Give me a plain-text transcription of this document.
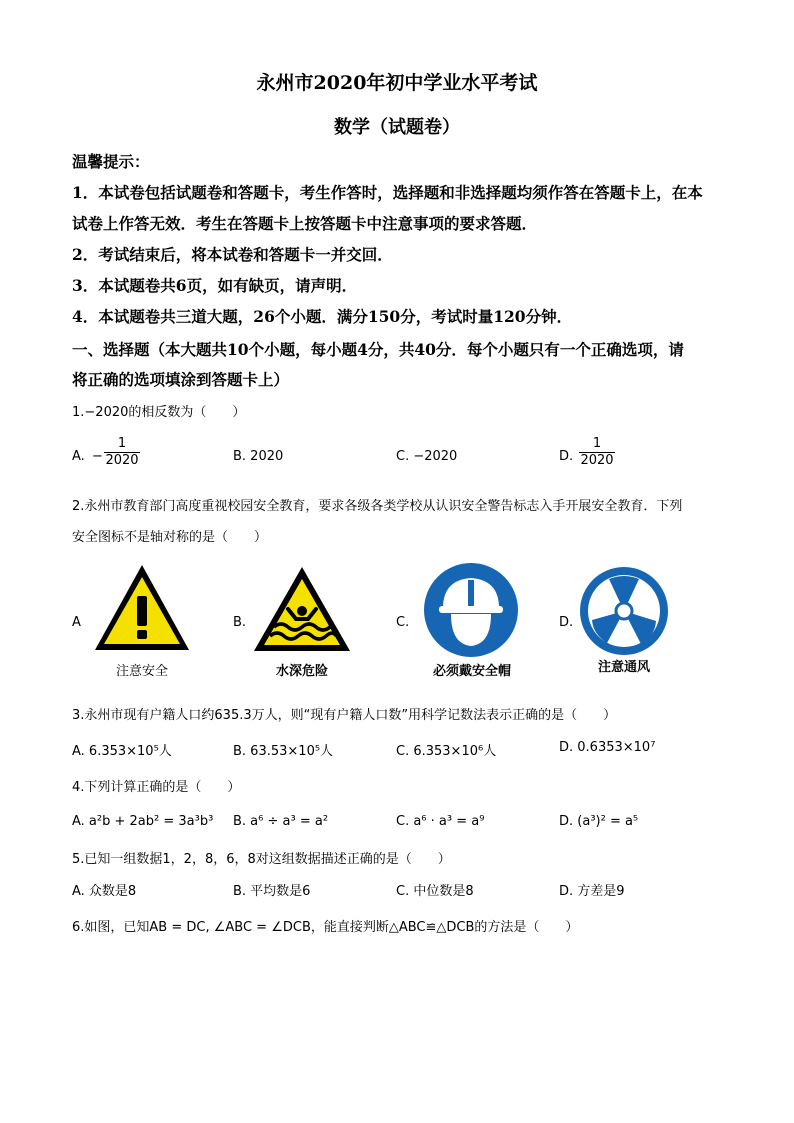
永州市2020年初中学业水平考试
数学（试题卷）
温馨提示：
1．本试卷包括试题卷和答题卡，考生作答时，选择题和非选择题均须作答在答题卡上，在本
试卷上作答无效．考生在答题卡上按答题卡中注意事项的要求答题．
2．考试结束后，将本试卷和答题卡一并交回．
3．本试题卷共6页，如有缺页，请声明．
4．本试题卷共三道大题，26个小题．满分150分，考试时量120分钟．
一、选择题（本大题共10个小题，每小题4分，共40分．每个小题只有一个正确选项，请
将正确的选项填涂到答题卡上）
1.−2020的相反数为（　　）
A. −
1
2020	B. 2020	C. −2020	D.
1
2020
2.永州市教育部门高度重视校园安全教育，要求各级各类学校从认识安全警告标志入手开展安全教育．下列
安全图标不是轴对称的是（　　）
A
注意安全
B.
水深危险
C.
必须戴安全帽
D.
注意通风
3.永州市现有户籍人口约635.3万人，则“现有户籍人口数”用科学记数法表示正确的是（　　）
A. 6.353×10⁵人	B. 63.53×10⁵人	C. 6.353×10⁶人	D. 0.6353×10⁷
4.下列计算正确的是（　　）
A. a²b + 2ab² = 3a³b³ B. a⁶ ÷ a³ = a²	C. a⁶ · a³ = a⁹	D. (a³)² = a⁵
5.已知一组数据1，2，8，6，8对这组数据描述正确的是（　　）
A. 众数是8	B. 平均数是6	C. 中位数是8	D. 方差是9
6.如图，已知AB = DC, ∠ABC = ∠DCB，能直接判断△ABC≌△DCB的方法是（　　）
